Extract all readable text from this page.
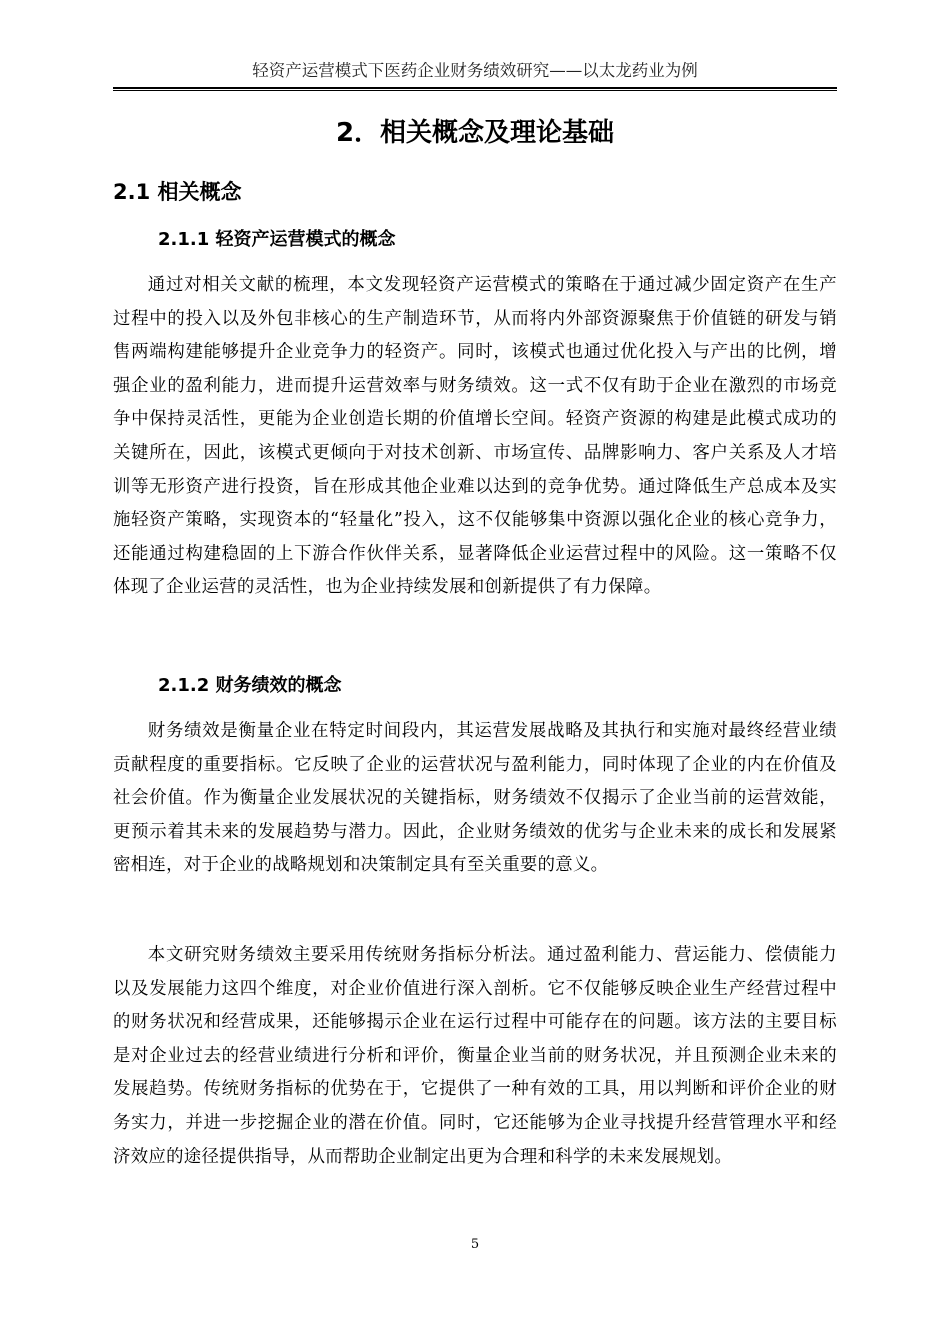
轻资产运营模式下医药企业财务绩效研究——以太龙药业为例
2．相关概念及理论基础
2.1 相关概念
2.1.1 轻资产运营模式的概念

通过对相关文献的梳理，本文发现轻资产运营模式的策略在于通过减少固定资产在生产过程中的投入以及外包非核心的生产制造环节，从而将内外部资源聚焦于价值链的研发与销售两端构建能够提升企业竞争力的轻资产。同时，该模式也通过优化投入与产出的比例，增强企业的盈利能力，进而提升运营效率与财务绩效。这一式不仅有助于企业在激烈的市场竞争中保持灵活性，更能为企业创造长期的价值增长空间。轻资产资源的构建是此模式成功的关键所在，因此，该模式更倾向于对技术创新、市场宣传、品牌影响力、客户关系及人才培训等无形资产进行投资，旨在形成其他企业难以达到的竞争优势。通过降低生产总成本及实施轻资产策略，实现资本的“轻量化”投入，这不仅能够集中资源以强化企业的核心竞争力，还能通过构建稳固的上下游合作伙伴关系，显著降低企业运营过程中的风险。这一策略不仅体现了企业运营的灵活性，也为企业持续发展和创新提供了有力保障。

2.1.2 财务绩效的概念

财务绩效是衡量企业在特定时间段内，其运营发展战略及其执行和实施对最终经营业绩贡献程度的重要指标。它反映了企业的运营状况与盈利能力，同时体现了企业的内在价值及社会价值。作为衡量企业发展状况的关键指标，财务绩效不仅揭示了企业当前的运营效能，更预示着其未来的发展趋势与潜力。因此，企业财务绩效的优劣与企业未来的成长和发展紧密相连，对于企业的战略规划和决策制定具有至关重要的意义。

本文研究财务绩效主要采用传统财务指标分析法。通过盈利能力、营运能力、偿债能力以及发展能力这四个维度，对企业价值进行深入剖析。它不仅能够反映企业生产经营过程中的财务状况和经营成果，还能够揭示企业在运行过程中可能存在的问题。该方法的主要目标是对企业过去的经营业绩进行分析和评价，衡量企业当前的财务状况，并且预测企业未来的发展趋势。传统财务指标的优势在于，它提供了一种有效的工具，用以判断和评价企业的财务实力，并进一步挖掘企业的潜在价值。同时，它还能够为企业寻找提升经营管理水平和经济效应的途径提供指导，从而帮助企业制定出更为合理和科学的未来发展规划。

5
